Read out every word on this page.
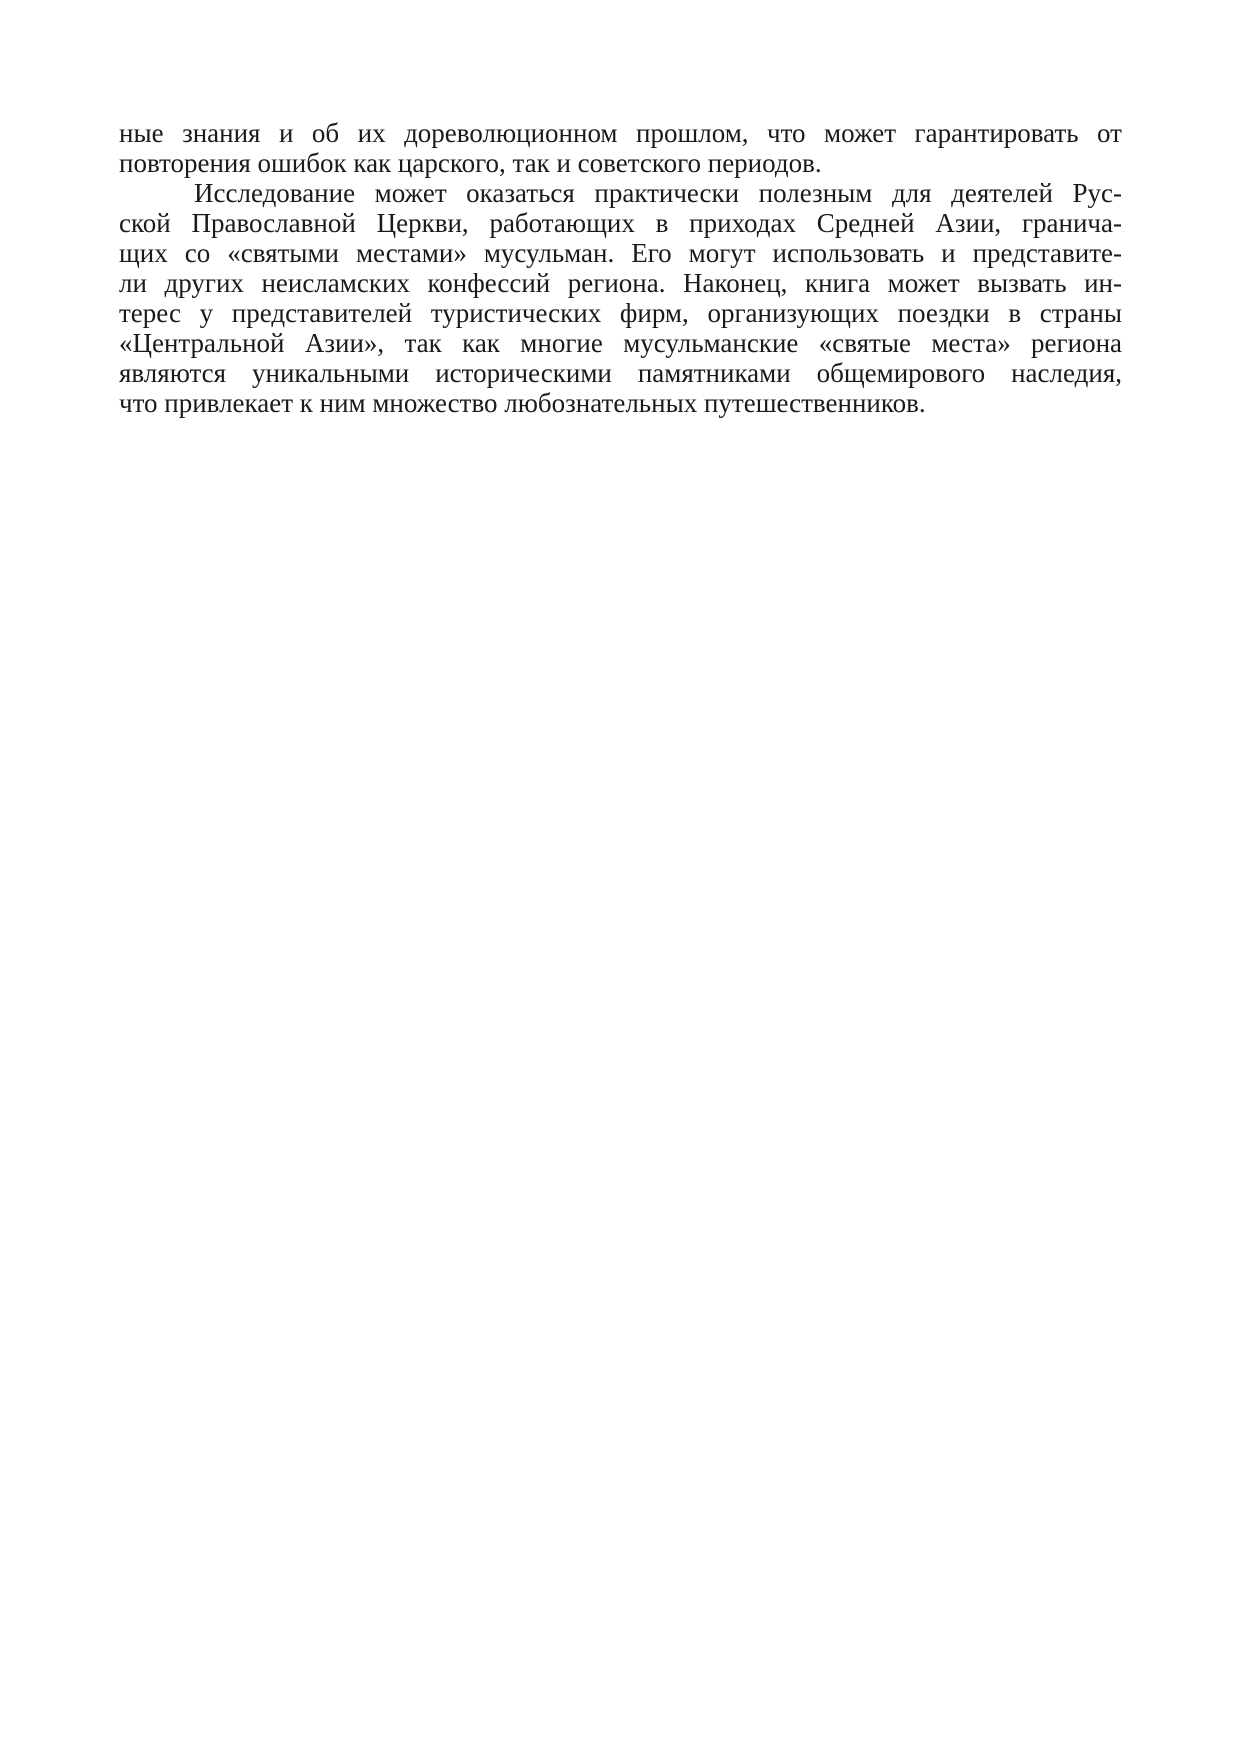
ные знания и об их дореволюционном прошлом, что может гарантировать от
повторения ошибок как царского, так и советского периодов.
Исследование может оказаться практически полезным для деятелей Рус-
ской Православной Церкви, работающих в приходах Средней Азии, гранича-
щих со «святыми местами» мусульман. Его могут использовать и представите-
ли других неисламских конфессий региона. Наконец, книга может вызвать ин-
терес у представителей туристических фирм, организующих поездки в страны
«Центральной Азии», так как многие мусульманские «святые места» региона
являются уникальными историческими памятниками общемирового наследия,
что привлекает к ним множество любознательных путешественников.
